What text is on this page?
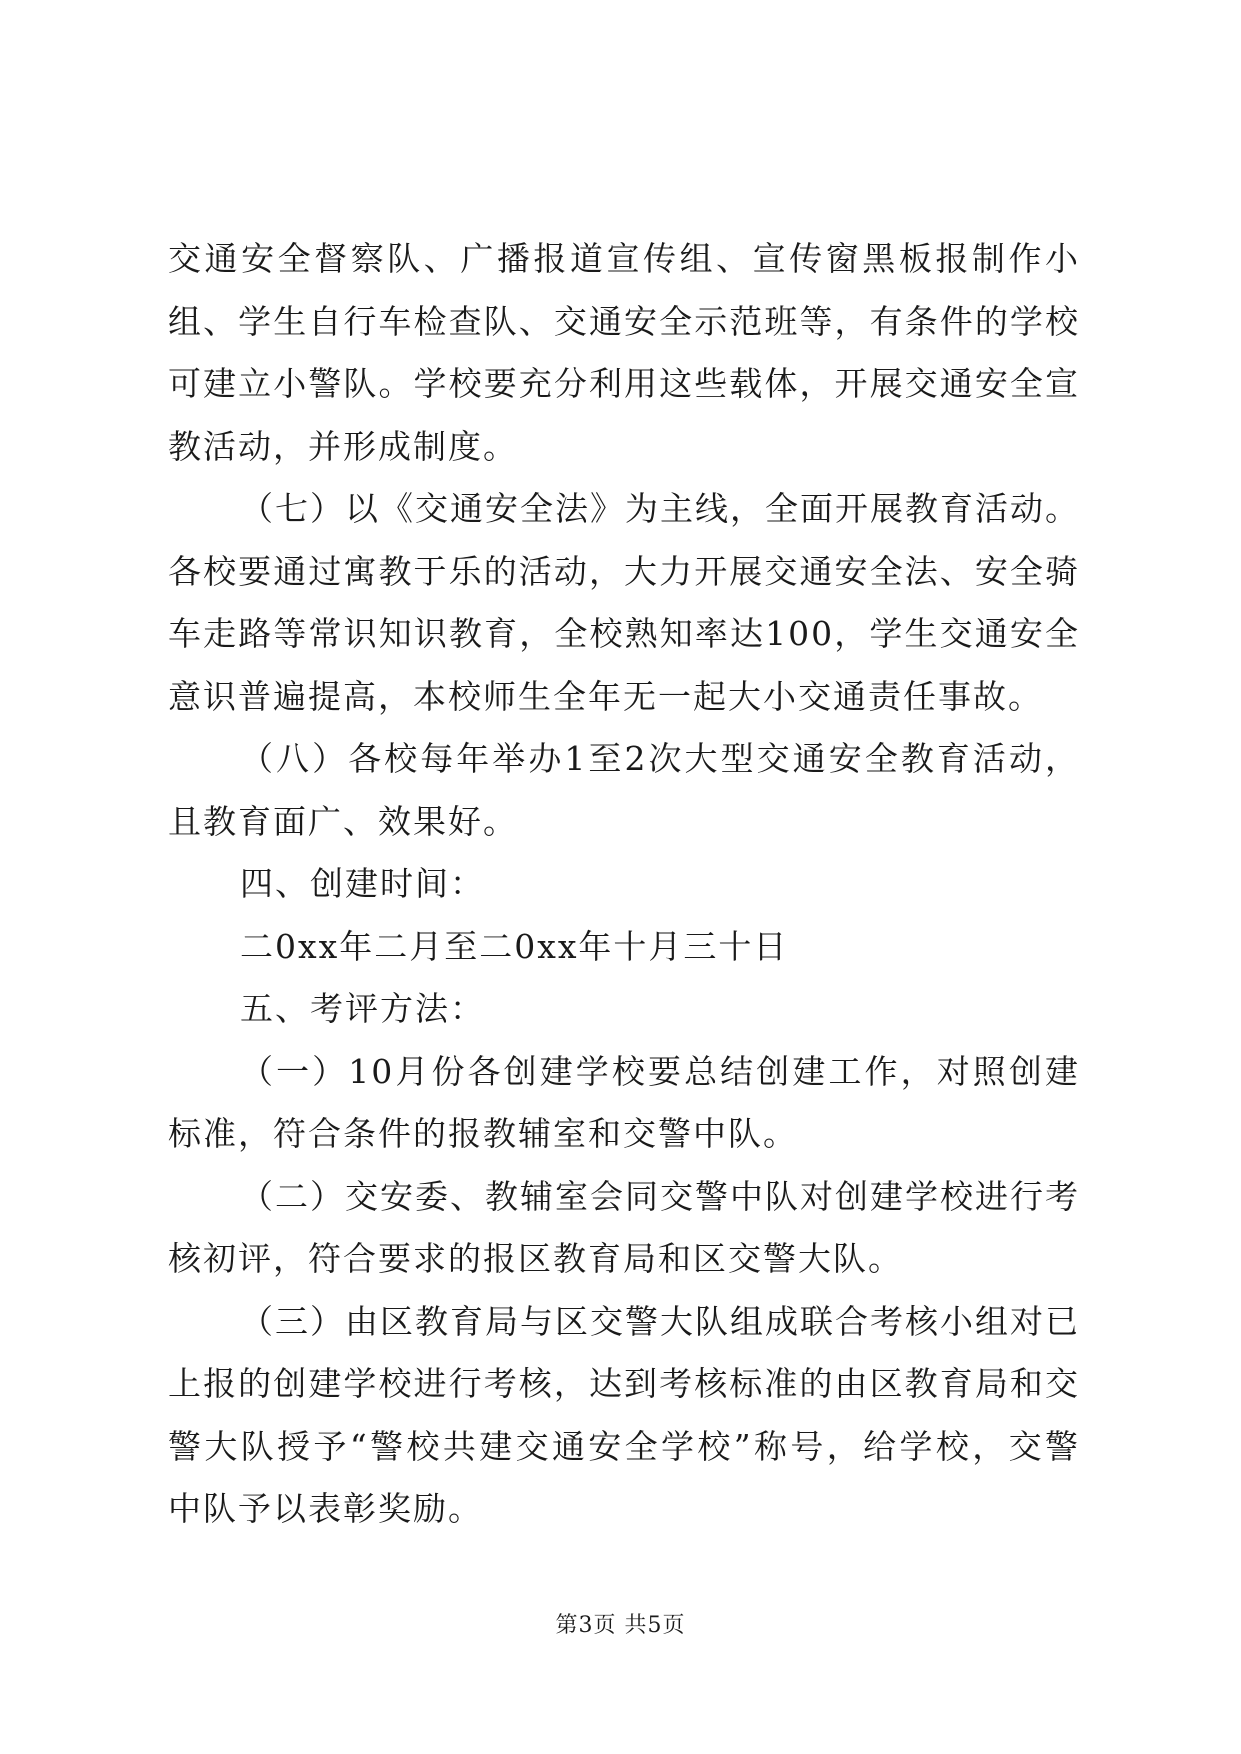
交通安全督察队、广播报道宣传组、宣传窗黑板报制作小组、学生自行车检查队、交通安全示范班等，有条件的学校可建立小警队。学校要充分利用这些载体，开展交通安全宣教活动，并形成制度。

（七）以《交通安全法》为主线，全面开展教育活动。各校要通过寓教于乐的活动，大力开展交通安全法、安全骑车走路等常识知识教育，全校熟知率达100，学生交通安全意识普遍提高，本校师生全年无一起大小交通责任事故。

（八）各校每年举办1至2次大型交通安全教育活动，且教育面广、效果好。

四、创建时间：

二0xx年二月至二0xx年十月三十日

五、考评方法：

（一）10月份各创建学校要总结创建工作，对照创建标准，符合条件的报教辅室和交警中队。

（二）交安委、教辅室会同交警中队对创建学校进行考核初评，符合要求的报区教育局和区交警大队。

（三）由区教育局与区交警大队组成联合考核小组对已上报的创建学校进行考核，达到考核标准的由区教育局和交警大队授予“警校共建交通安全学校”称号，给学校，交警中队予以表彰奖励。

第3页 共5页
